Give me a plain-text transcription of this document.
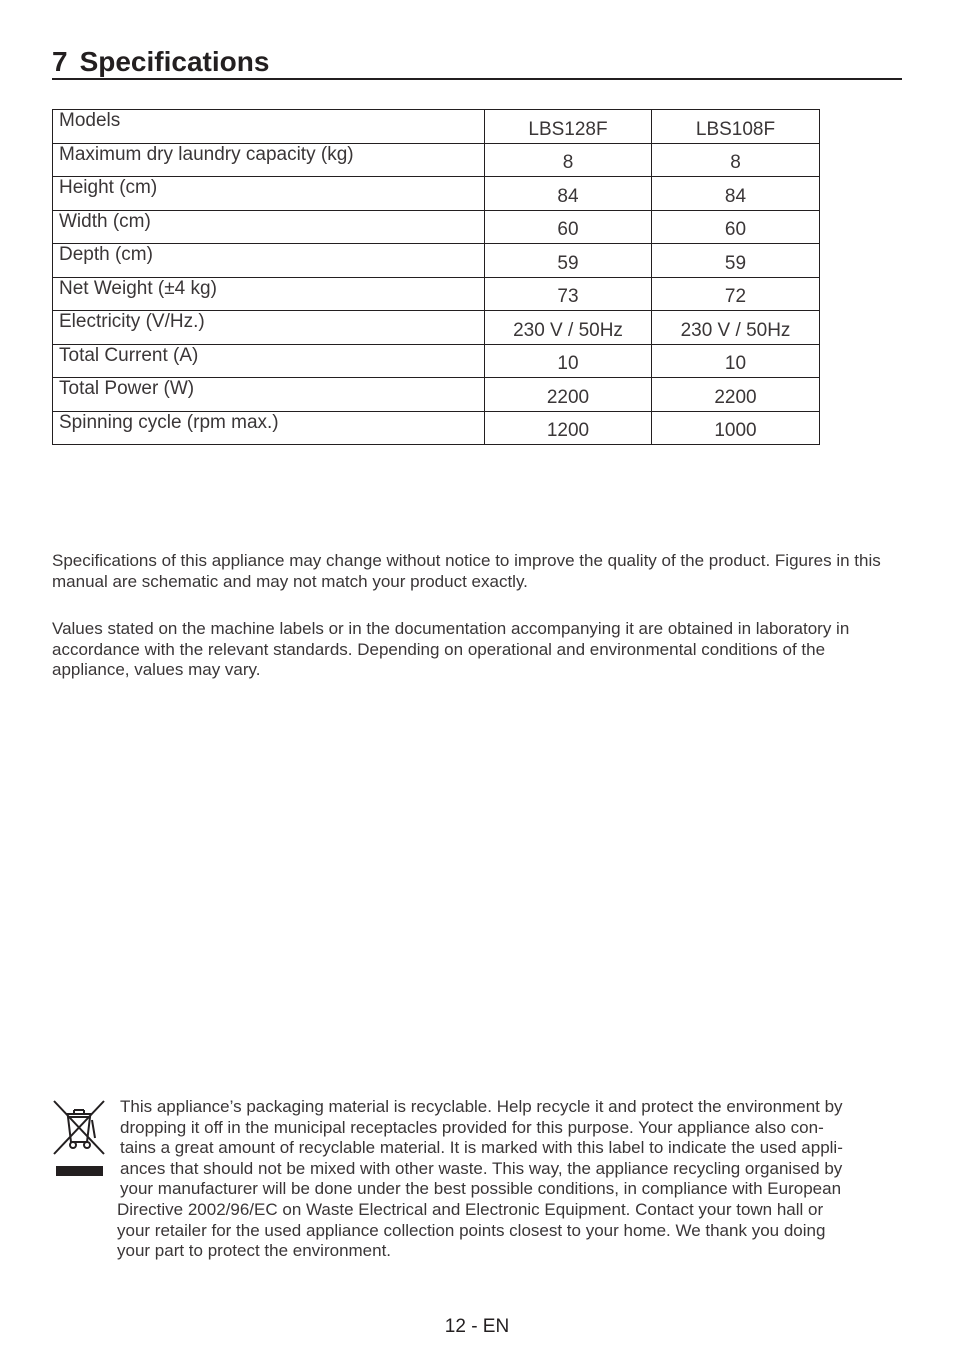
7 Specifications
Models	LBS128F	LBS108F
Maximum dry laundry capacity (kg)	8	8
Height (cm)	84	84
Width (cm)	60	60
Depth (cm)	59	59
Net Weight (±4 kg)	73	72
Electricity (V/Hz.)	230 V / 50Hz	230 V / 50Hz
Total Current (A)	10	10
Total Power (W)	2200	2200
Spinning cycle (rpm max.)	1200	1000
Specifications of this appliance may change without notice to improve the quality of the product. Figures in this manual are schematic and may not match your product exactly.
Values stated on the machine labels or in the documentation accompanying it are obtained in laboratory in accordance with the relevant standards. Depending on operational and environmental conditions of the appliance, values may vary.
This appliance’s packaging material is recyclable. Help recycle it and protect the environment by
dropping it off in the municipal receptacles provided for this purpose. Your appliance also con-
tains a great amount of recyclable material. It is marked with this label to indicate the used appli-
ances that should not be mixed with other waste. This way, the appliance recycling organised by
your manufacturer will be done under the best possible conditions, in compliance with European
Directive 2002/96/EC on Waste Electrical and Electronic Equipment. Contact your town hall or
your retailer for the used appliance collection points closest to your home. We thank you doing
your part to protect the environment.
12 - EN
